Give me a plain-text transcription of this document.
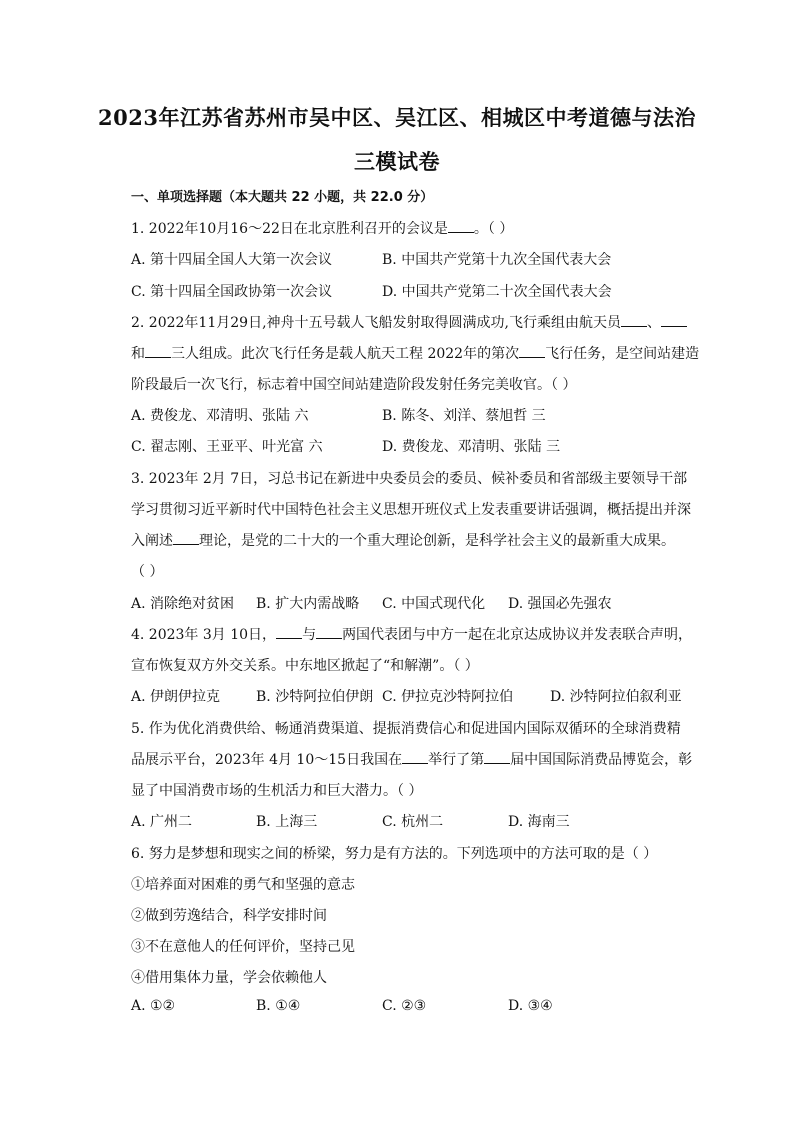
2023年江苏省苏州市吴中区、吴江区、相城区中考道德与法治
三模试卷
一、单项选择题（本大题共 22 小题，共 22.0 分）
1. 2022年10月16～22日在北京胜利召开的会议是 。（ ）
A. 第十四届全国人大第一次会议	B. 中国共产党第十九次全国代表大会
C. 第十四届全国政协第一次会议	D. 中国共产党第二十次全国代表大会
2. 2022年11月29日,神舟十五号载人飞船发射取得圆满成功,飞行乘组由航天员 、
和 三人组成。此次飞行任务是载人航天工程 2022年的第次 飞行任务，是空间站建造
阶段最后一次飞行，标志着中国空间站建造阶段发射任务完美收官。（ ）
A. 费俊龙、邓清明、张陆 六	B. 陈冬、刘洋、蔡旭哲 三
C. 翟志刚、王亚平、叶光富 六	D. 费俊龙、邓清明、张陆 三
3. 2023年 2月 7日，习总书记在新进中央委员会的委员、候补委员和省部级主要领导干部
学习贯彻习近平新时代中国特色社会主义思想开班仪式上发表重要讲话强调，概括提出并深
入阐述 理论，是党的二十大的一个重大理论创新，是科学社会主义的最新重大成果。
（ ）
A. 消除绝对贫困 B. 扩大内需战略 C. 中国式现代化 D. 强国必先强农
4. 2023年 3月 10日， 与 两国代表团与中方一起在北京达成协议并发表联合声明，
宣布恢复双方外交关系。中东地区掀起了“和解潮”。（ ）
A. 伊朗伊拉克	B. 沙特阿拉伯伊朗 C. 伊拉克沙特阿拉伯	D. 沙特阿拉伯叙利亚
5. 作为优化消费供给、畅通消费渠道、提振消费信心和促进国内国际双循环的全球消费精
品展示平台，2023年 4月 10～15日我国在 举行了第 届中国国际消费品博览会，彰
显了中国消费市场的生机活力和巨大潜力。（ ）
A. 广州二	B. 上海三	C. 杭州二	D. 海南三
6. 努力是梦想和现实之间的桥梁，努力是有方法的。下列选项中的方法可取的是（ ）
①培养面对困难的勇气和坚强的意志
②做到劳逸结合，科学安排时间
③不在意他人的任何评价，坚持己见
④借用集体力量，学会依赖他人
A. ①②	B. ①④	C. ②③	D. ③④
